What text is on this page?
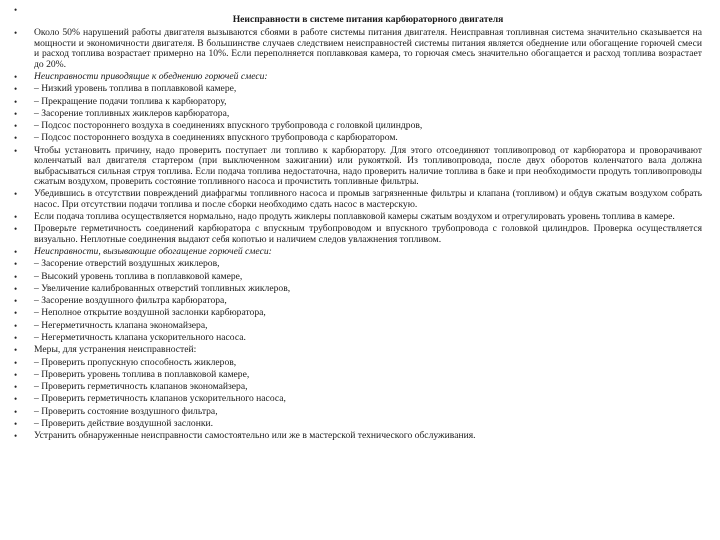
•
Неисправности в системе питания карбюраторного двигателя
•	Около 50% нарушений работы двигателя вызываются сбоями в работе системы питания двигателя. Неисправная топливная система значительно сказывается на мощности и экономичности двигателя. В большинстве случаев следствием неисправностей системы питания является обеднение или обогащение горючей смеси и расход топлива возрастает примерно на 10%. Если переполняется поплавковая камера, то горючая смесь значительно обогащается и расход топлива возрастает до 20%.
•	Неисправности приводящие к обеднению горючей смеси:
•	– Низкий уровень топлива в поплавковой камере,
•	– Прекращение подачи топлива к карбюратору,
•	– Засорение топливных жиклеров карбюратора,
•	– Подсос постороннего воздуха в соединениях впускного трубопровода с головкой цилиндров,
•	– Подсос постороннего воздуха в соединениях впускного трубопровода с карбюратором.
•	Чтобы установить причину, надо проверить поступает ли топливо к карбюратору. Для этого отсоединяют топливопровод от карбюратора и проворачивают коленчатый вал двигателя стартером (при выключенном зажигании) или рукояткой. Из топливопровода, после двух оборотов коленчатого вала должна выбрасываться сильная струя топлива. Если подача топлива недостаточна, надо проверить наличие топлива в баке и при необходимости продуть топливопроводы сжатым воздухом, проверить состояние топливного насоса и прочистить топливные фильтры.
•	Убедившись в отсутствии повреждений диафрагмы топливного насоса и промыв загрязненные фильтры и клапана (топливом) и обдув сжатым воздухом собрать насос. При отсутствии подачи топлива и после сборки необходимо сдать насос в мастерскую.
•	Если подача топлива осуществляется нормально, надо продуть жиклеры поплавковой камеры сжатым воздухом и отрегулировать уровень топлива в камере.
•	Проверьте герметичность соединений карбюратора с впускным трубопроводом и впускного трубопровода с головкой цилиндров. Проверка осуществляется визуально. Неплотные соединения выдают себя копотью и наличием следов увлажнения топливом.
•	Неисправности, вызывающие обогащение горючей смеси:
•	– Засорение отверстий воздушных жиклеров,
•	– Высокий уровень топлива в поплавковой камере,
•	– Увеличение калиброванных отверстий топливных жиклеров,
•	– Засорение воздушного фильтра карбюратора,
•	– Неполное открытие воздушной заслонки карбюратора,
•	– Негерметичность клапана экономайзера,
•	– Негерметичность клапана ускорительного насоса.
•	Меры, для устранения неисправностей:
•	– Проверить пропускную способность жиклеров,
•	– Проверить уровень топлива в поплавковой камере,
•	– Проверить герметичность клапанов экономайзера,
•	– Проверить герметичность клапанов ускорительного насоса,
•	– Проверить состояние воздушного фильтра,
•	– Проверить действие воздушной заслонки.
•	Устранить обнаруженные неисправности самостоятельно или же в мастерской технического обслуживания.
